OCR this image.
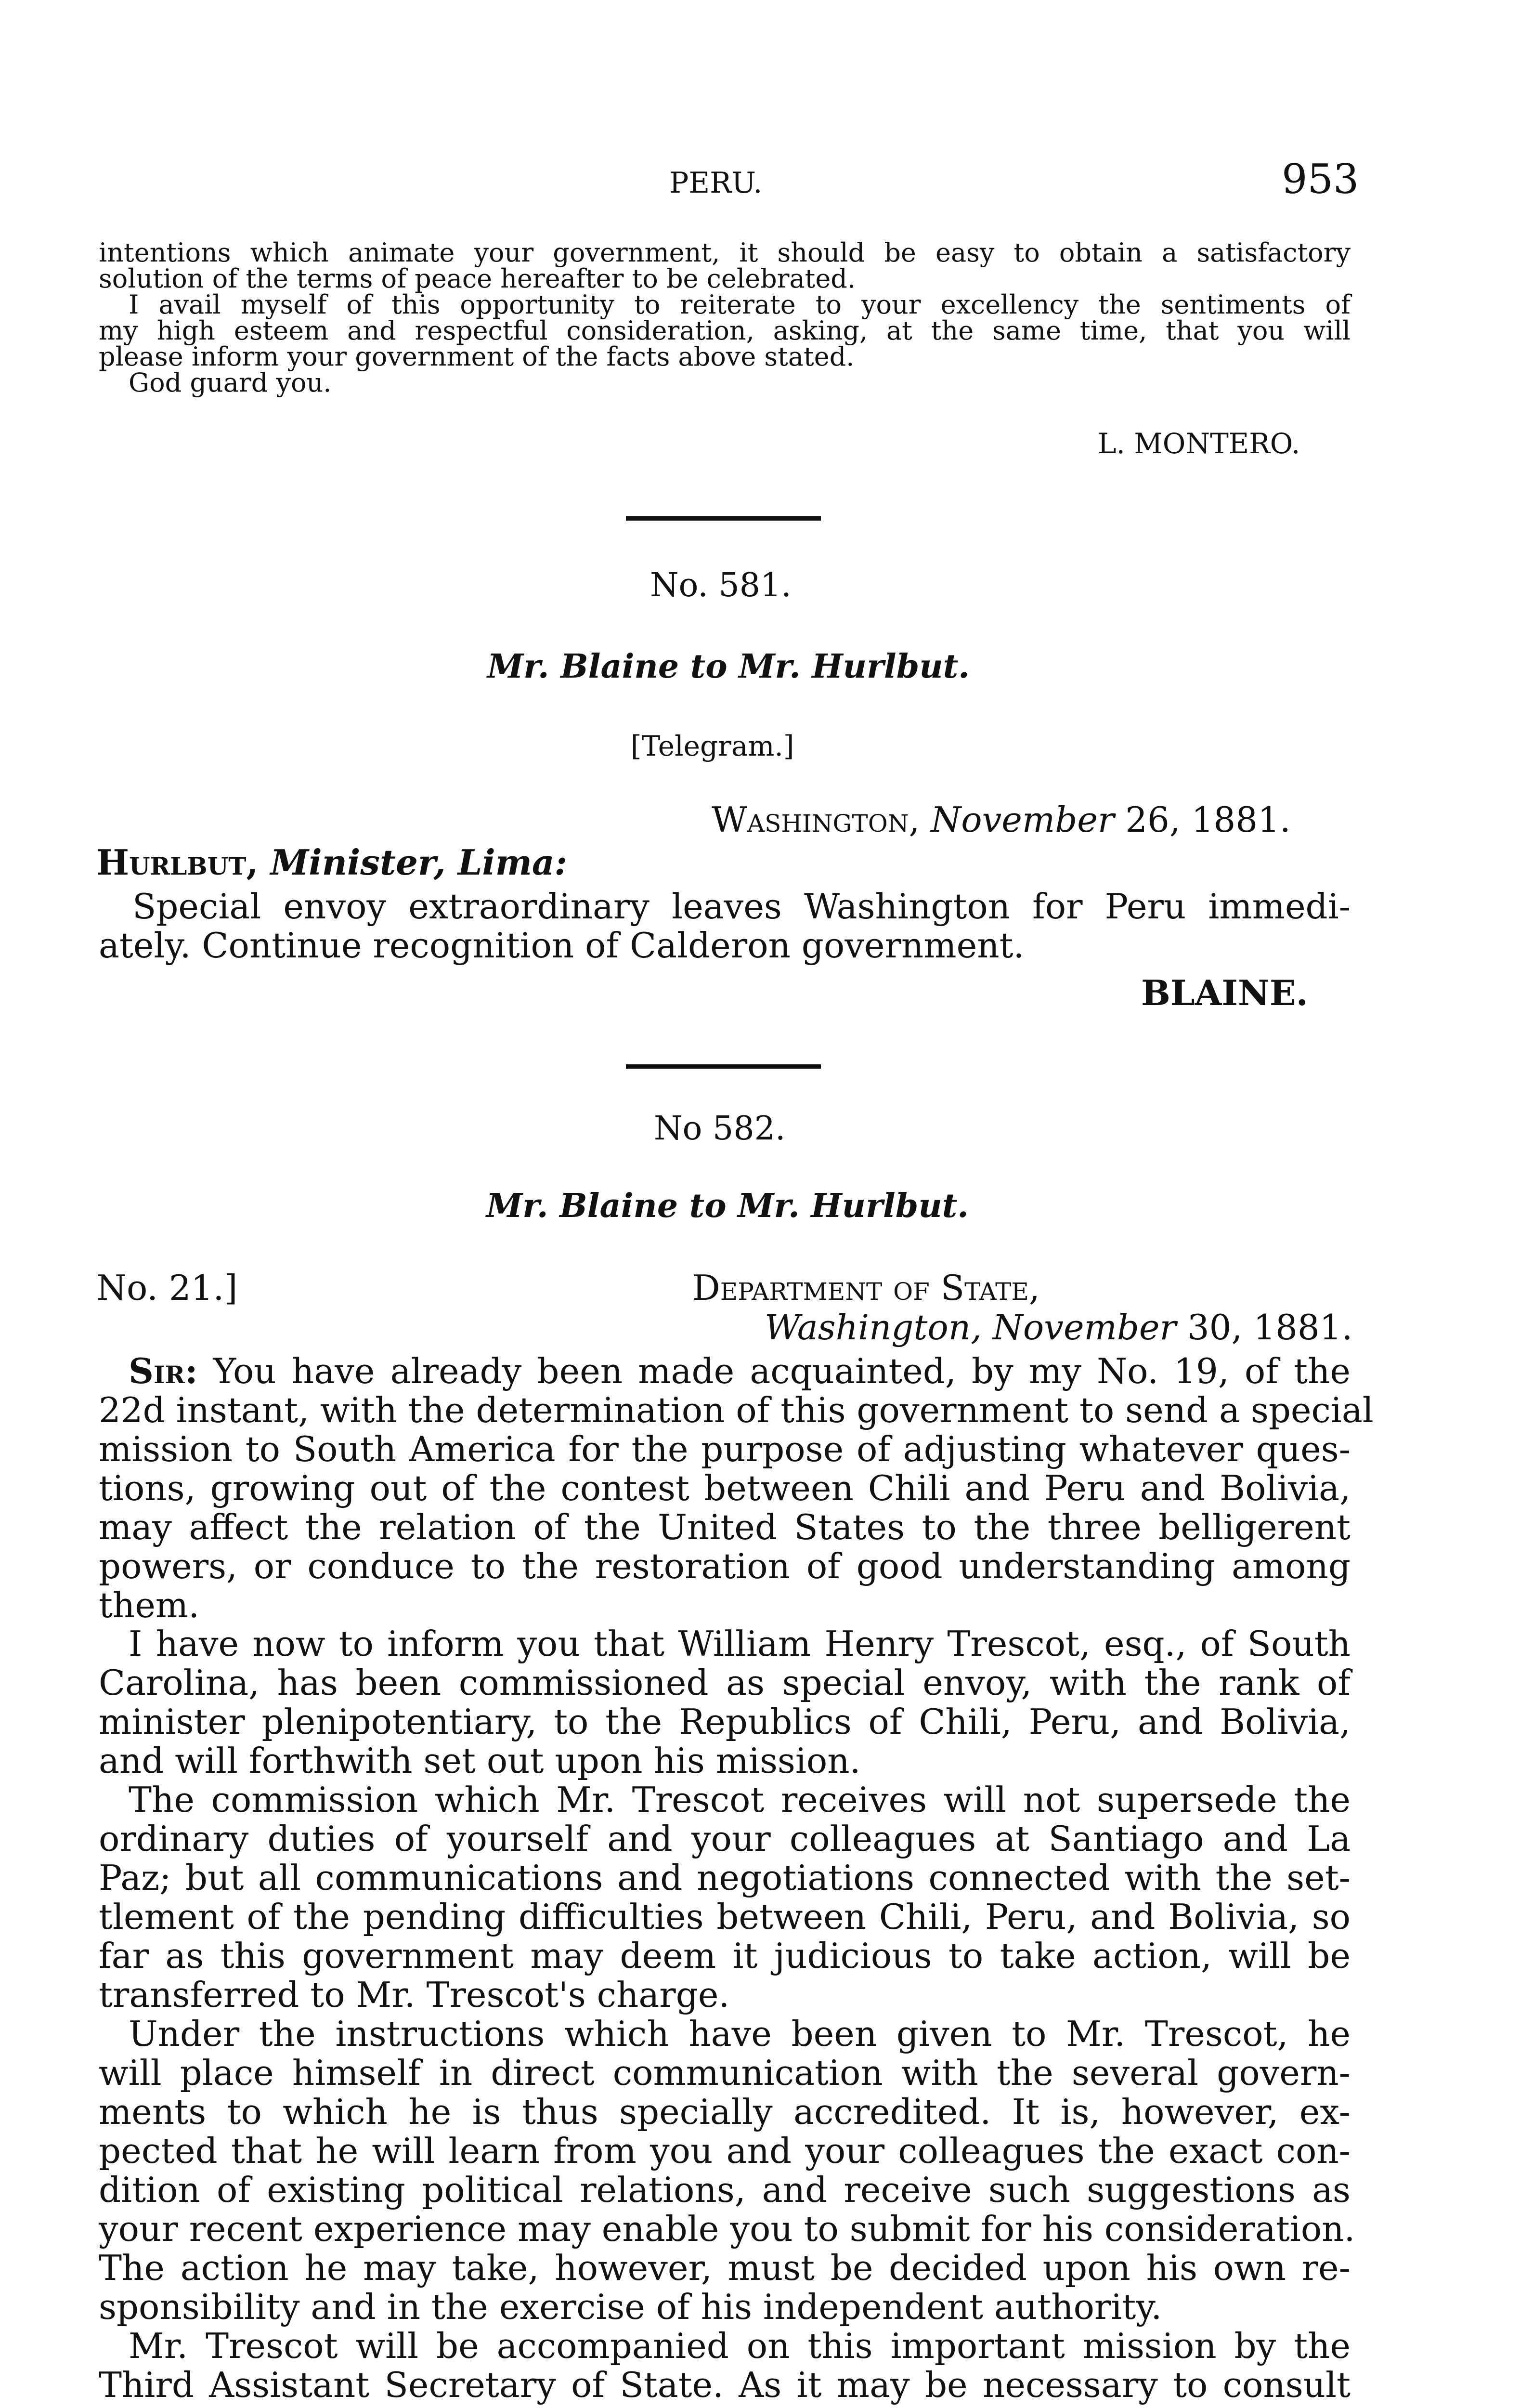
PERU.	953

intentions which animate your government, it should be easy to obtain a satisfactory
solution of the terms of peace hereafter to be celebrated.
I avail myself of this opportunity to reiterate to your excellency the sentiments of
my high esteem and respectful consideration, asking, at the same time, that you will
please inform your government of the facts above stated.
God guard you.

L. MONTERO.
No. 581.
Mr. Blaine to Mr. Hurlbut.
[Telegram.]
Washington, November 26, 1881.
Hurlbut, Minister, Lima:

Special envoy extraordinary leaves Washington for Peru immedi-
ately. Continue recognition of Calderon government.

BLAINE.
No 582.
Mr. Blaine to Mr. Hurlbut.
No. 21.]	Department of State,
Washington, November 30, 1881.

Sir: You have already been made acquainted, by my No. 19, of the
22d instant, with the determination of this government to send a special
mission to South America for the purpose of adjusting whatever ques-
tions, growing out of the contest between Chili and Peru and Bolivia,
may affect the relation of the United States to the three belligerent
powers, or conduce to the restoration of good understanding among
them.

I have now to inform you that William Henry Trescot, esq., of South
Carolina, has been commissioned as special envoy, with the rank of
minister plenipotentiary, to the Republics of Chili, Peru, and Bolivia,
and will forthwith set out upon his mission.

The commission which Mr. Trescot receives will not supersede the
ordinary duties of yourself and your colleagues at Santiago and La
Paz; but all communications and negotiations connected with the set-
tlement of the pending difficulties between Chili, Peru, and Bolivia, so
far as this government may deem it judicious to take action, will be
transferred to Mr. Trescot's charge.

Under the instructions which have been given to Mr. Trescot, he
will place himself in direct communication with the several govern-
ments to which he is thus specially accredited. It is, however, ex-
pected that he will learn from you and your colleagues the exact con-
dition of existing political relations, and receive such suggestions as
your recent experience may enable you to submit for his consideration.
The action he may take, however, must be decided upon his own re-
sponsibility and in the exercise of his independent authority.

Mr. Trescot will be accompanied on this important mission by the
Third Assistant Secretary of State. As it may be necessary to consult
